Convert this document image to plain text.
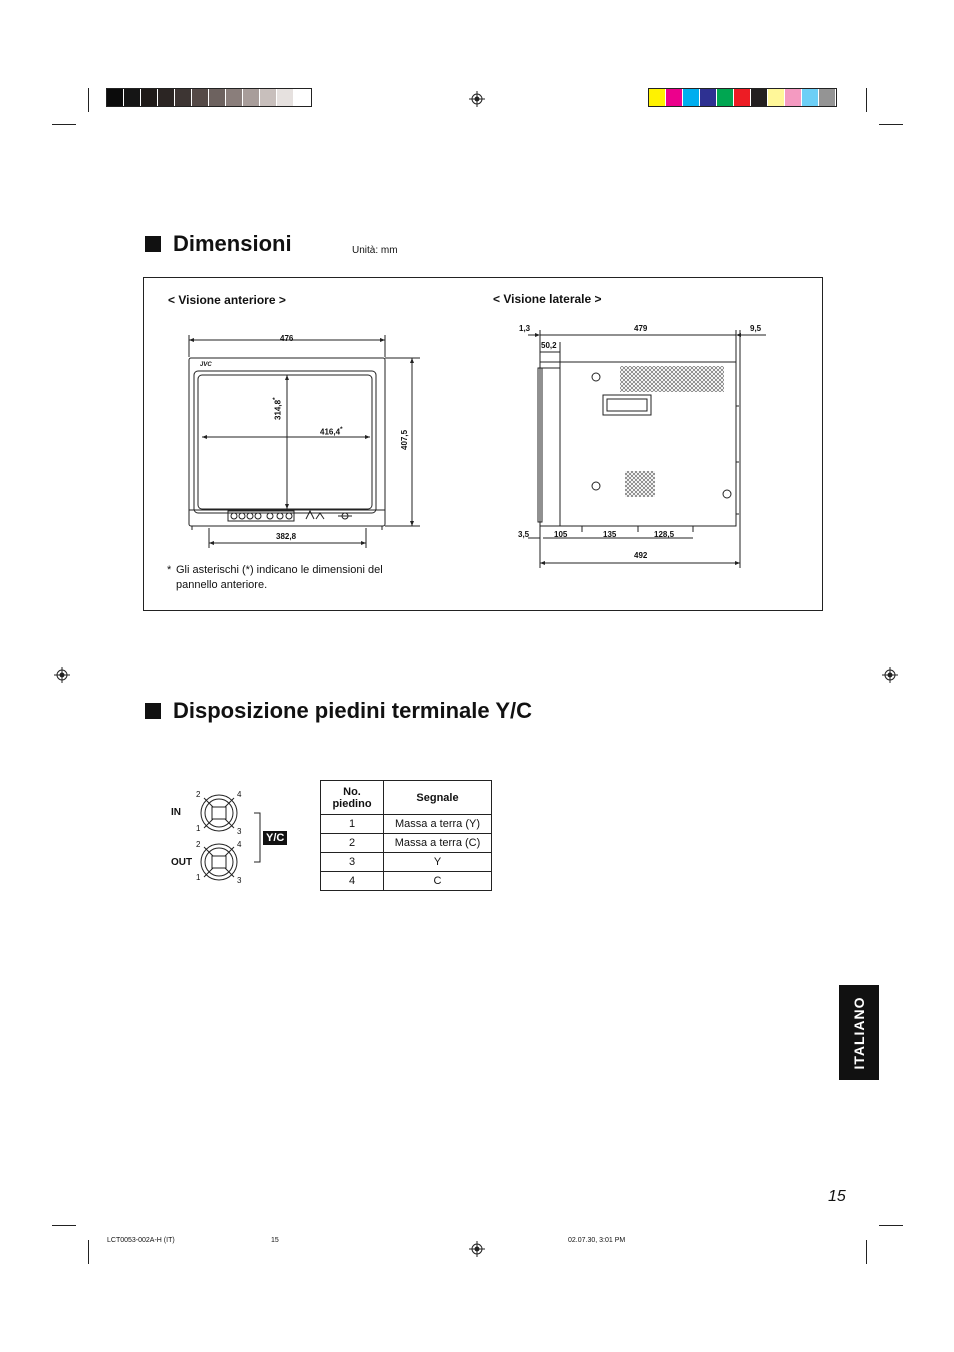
Dimensioni	Unità: mm
< Visione anteriore >	< Visione laterale >
JVC
476
314,8*
416,4*
407,5
382,8
1,3	479	9,5
50,2
3,5	105	135	128,5
492
* Gli asterischi (*) indicano le dimensioni del
pannello anteriore.
Disposizione piedini terminale Y/C
IN
OUT
Y/C
2	4
1	3
2	4
1	3
No.
piedino	Segnale
1	Massa a terra (Y)
2	Massa a terra (C)
3	Y
4	C
ITALIANO
15
LCT0053-002A-H (IT)	15	02.07.30, 3:01 PM
